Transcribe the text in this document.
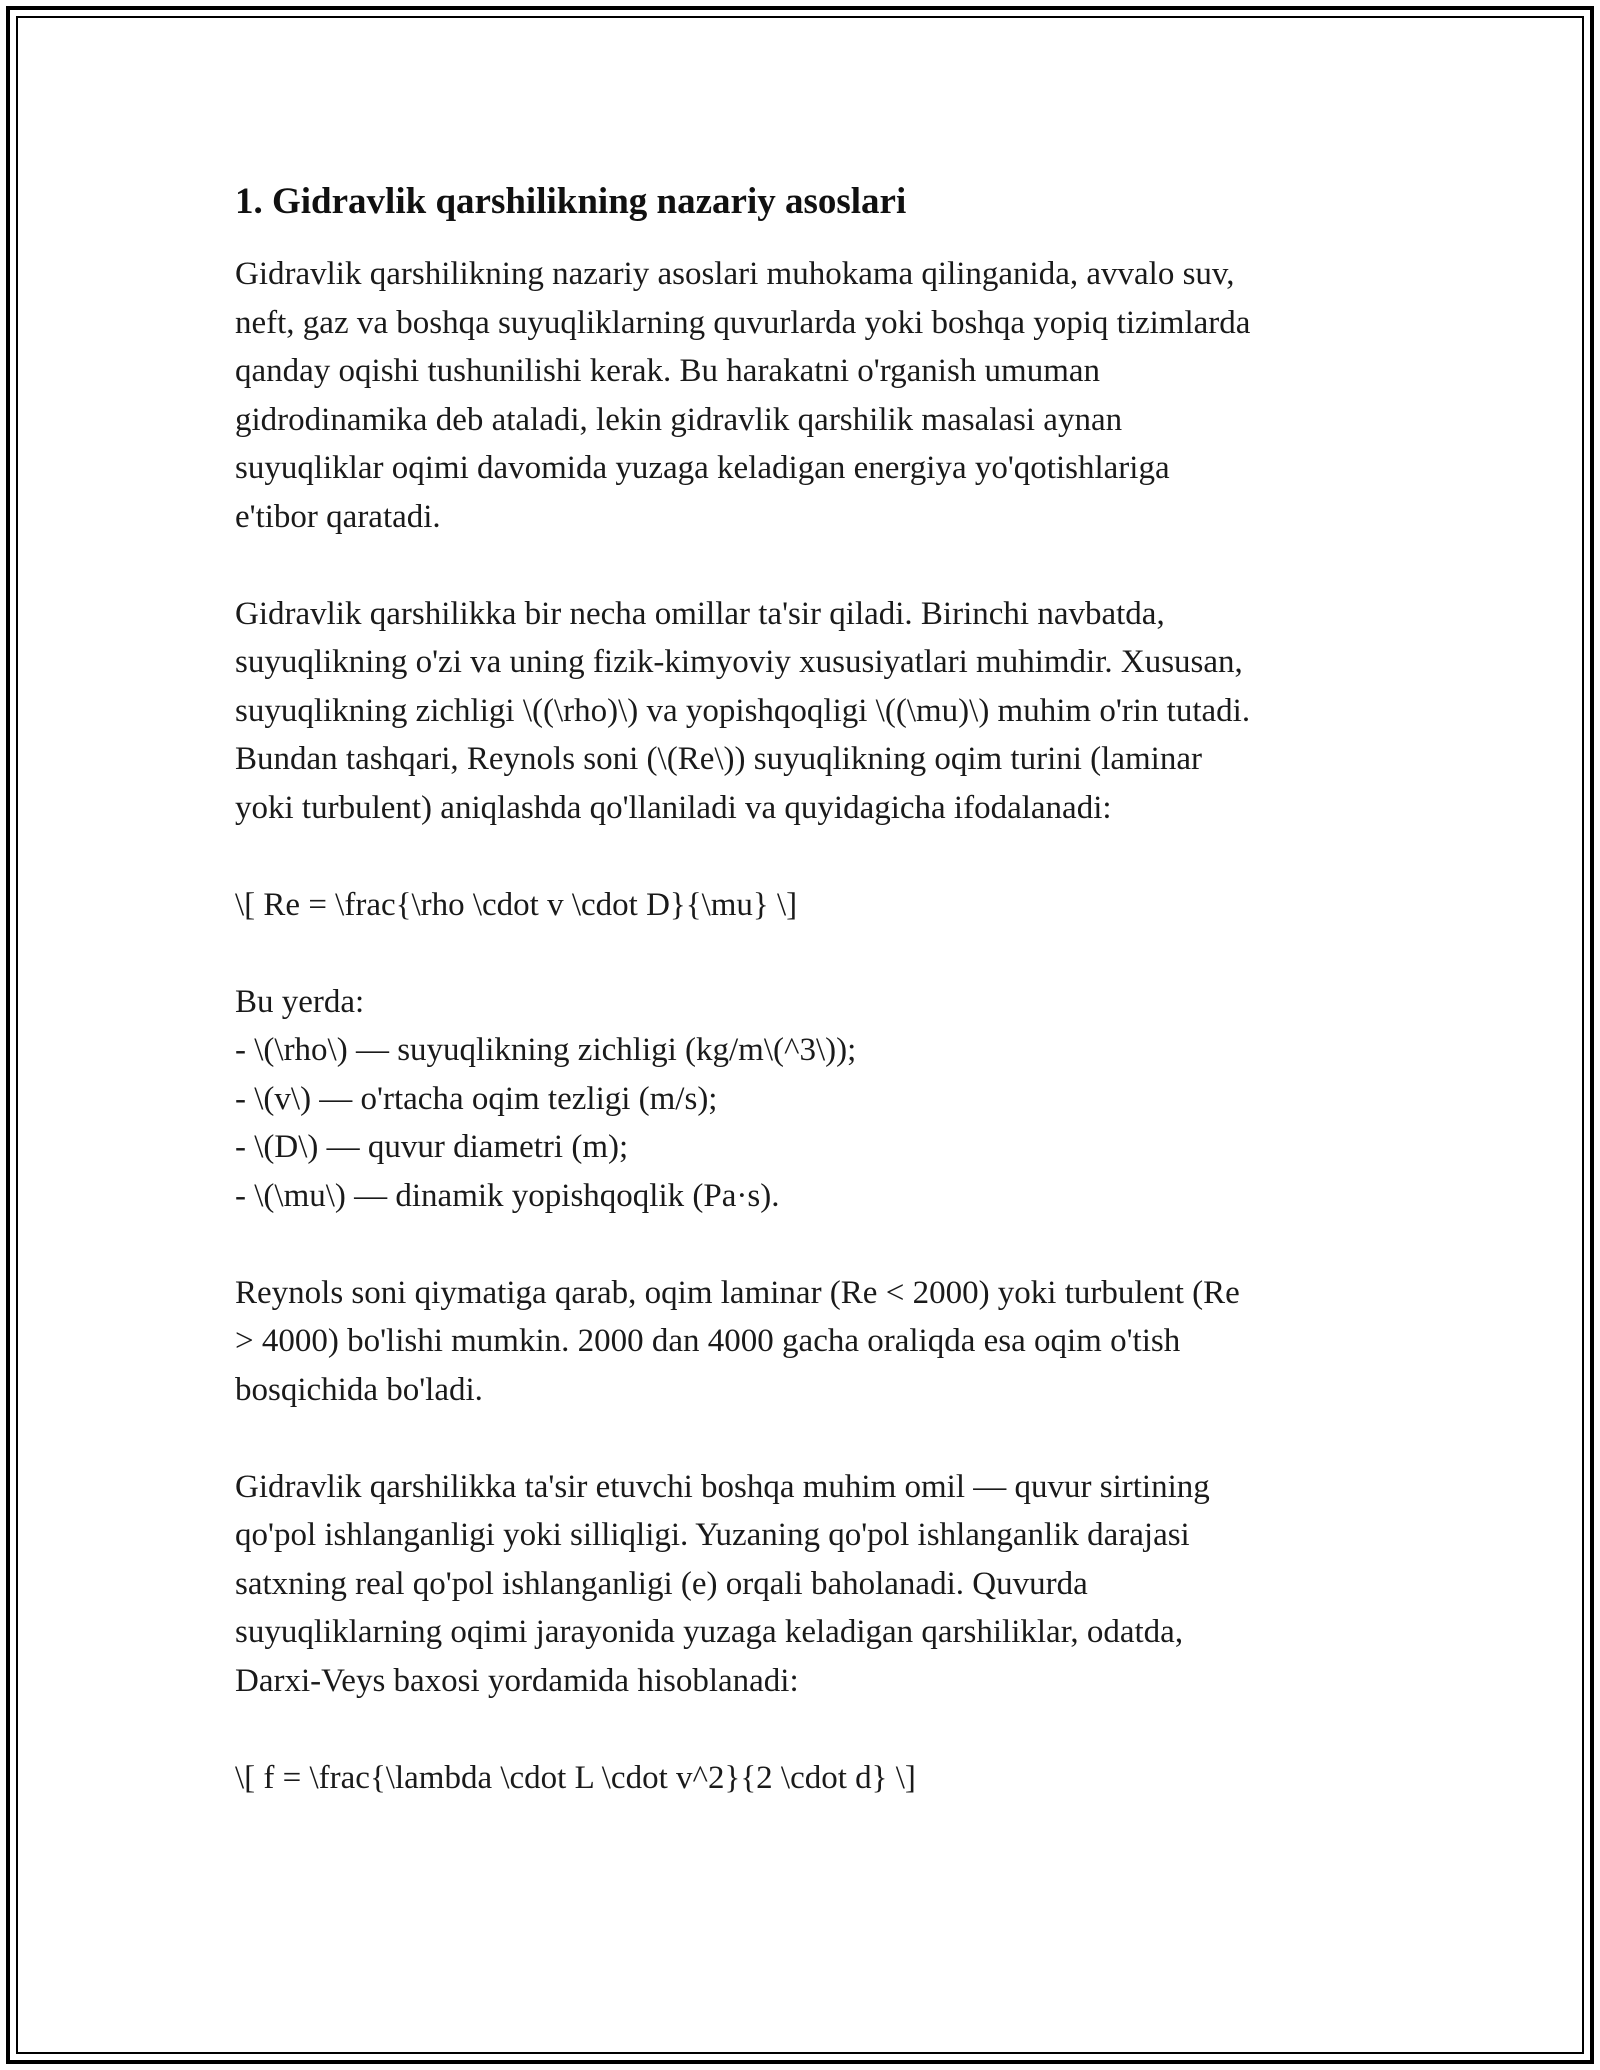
1. Gidravlik qarshilikning nazariy asoslari

Gidravlik qarshilikning nazariy asoslari muhokama qilinganida, avvalo suv,
neft, gaz va boshqa suyuqliklarning quvurlarda yoki boshqa yopiq tizimlarda
qanday oqishi tushunilishi kerak. Bu harakatni o'rganish umuman
gidrodinamika deb ataladi, lekin gidravlik qarshilik masalasi aynan
suyuqliklar oqimi davomida yuzaga keladigan energiya yo'qotishlariga
e'tibor qaratadi.

Gidravlik qarshilikka bir necha omillar ta'sir qiladi. Birinchi navbatda,
suyuqlikning o'zi va uning fizik-kimyoviy xususiyatlari muhimdir. Xususan,
suyuqlikning zichligi \((\rho)\) va yopishqoqligi \((\mu)\) muhim o'rin tutadi.
Bundan tashqari, Reynols soni (\(Re\)) suyuqlikning oqim turini (laminar
yoki turbulent) aniqlashda qo'llaniladi va quyidagicha ifodalanadi:

\[ Re = \frac{\rho \cdot v \cdot D}{\mu} \]

Bu yerda:
- \(\rho\) — suyuqlikning zichligi (kg/m\(^3\));
- \(v\) — o'rtacha oqim tezligi (m/s);
- \(D\) — quvur diametri (m);
- \(\mu\) — dinamik yopishqoqlik (Pa·s).

Reynols soni qiymatiga qarab, oqim laminar (Re < 2000) yoki turbulent (Re
> 4000) bo'lishi mumkin. 2000 dan 4000 gacha oraliqda esa oqim o'tish
bosqichida bo'ladi.

Gidravlik qarshilikka ta'sir etuvchi boshqa muhim omil — quvur sirtining
qo'pol ishlanganligi yoki silliqligi. Yuzaning qo'pol ishlanganlik darajasi
satxning real qo'pol ishlanganligi (e) orqali baholanadi. Quvurda
suyuqliklarning oqimi jarayonida yuzaga keladigan qarshiliklar, odatda,
Darxi-Veys baxosi yordamida hisoblanadi:

\[ f = \frac{\lambda \cdot L \cdot v^2}{2 \cdot d} \]
